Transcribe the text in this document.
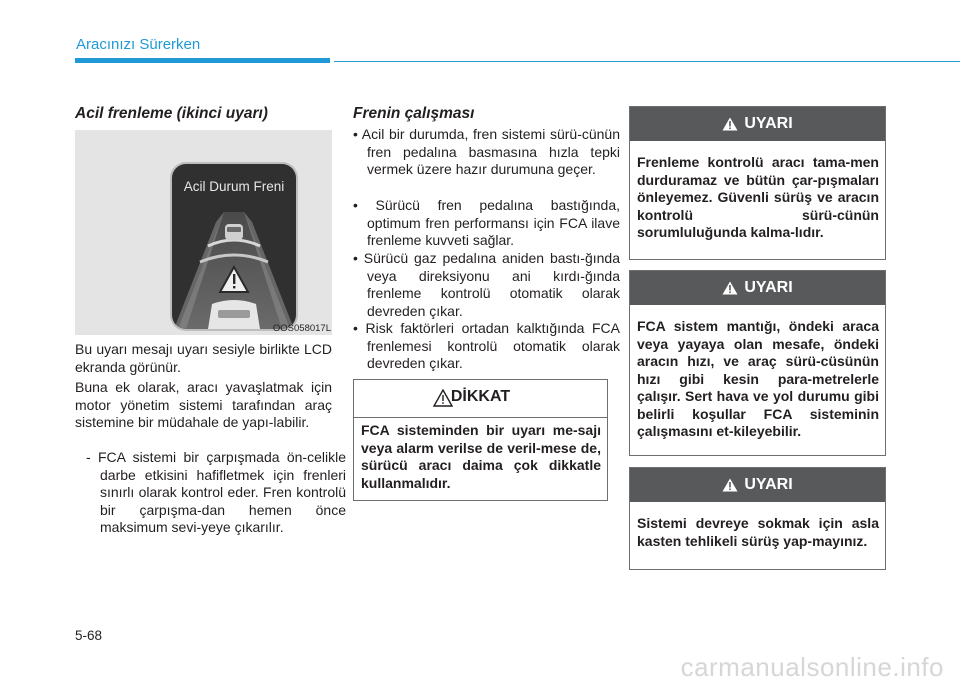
Aracınızı Sürerken
Acil frenleme (ikinci uyarı)
Acil Durum Freni
OOS058017L
Bu uyarı mesajı uyarı sesiyle birlikte LCD ekranda görünür.
Buna ek olarak, aracı yavaşlatmak için motor yönetim sistemi tarafından araç sistemine bir müdahale de yapı-labilir.
- FCA sistemi bir çarpışmada ön-celikle darbe etkisini hafifletmek için frenleri sınırlı olarak kontrol eder. Fren kontrolü bir çarpışma-dan hemen önce maksimum sevi-yeye çıkarılır.
Frenin çalışması
• Acil bir durumda, fren sistemi sürü-cünün fren pedalına basmasına hızla tepki vermek üzere hazır durumuna geçer.
• Sürücü fren pedalına bastığında, optimum fren performansı için FCA ilave frenleme kuvveti sağlar.
• Sürücü gaz pedalına aniden bastı-ğında veya direksiyonu ani kırdı-ğında frenleme kontrolü otomatik olarak devreden çıkar.
• Risk faktörleri ortadan kalktığında FCA frenlemesi kontrolü otomatik olarak devreden çıkar.
DİKKAT
FCA sisteminden bir uyarı me-sajı veya alarm verilse de veril-mese de, sürücü aracı daima çok dikkatle kullanmalıdır.
UYARI
Frenleme kontrolü aracı tama-men durduramaz ve bütün çar-pışmaları önleyemez. Güvenli sürüş ve aracın kontrolü sürü-cünün sorumluluğunda kalma-lıdır.
UYARI
FCA sistem mantığı, öndeki araca veya yayaya olan mesafe, öndeki aracın hızı, ve araç sürü-cüsünün hızı gibi kesin para-metrelerle çalışır. Sert hava ve yol durumu gibi belirli koşullar FCA sisteminin çalışmasını et-kileyebilir.
UYARI
Sistemi devreye sokmak için asla kasten tehlikeli sürüş yap-mayınız.
5-68
carmanualsonline.info
